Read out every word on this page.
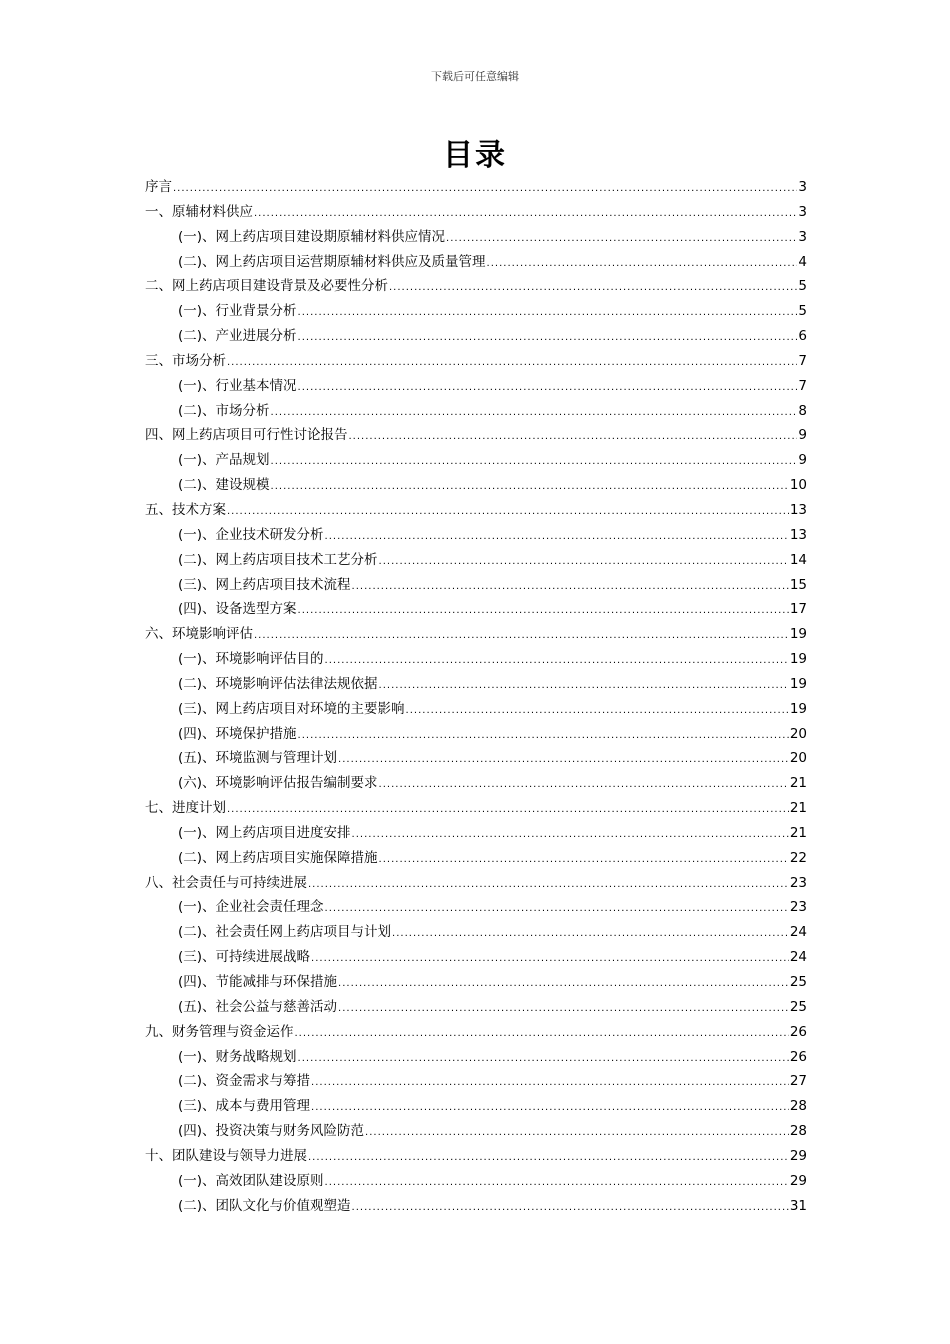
下载后可任意编辑
目录
序言 .....	3
一、原辅材料供应 .....	3
(一)、网上药店项目建设期原辅材料供应情况 .....	3
(二)、网上药店项目运营期原辅材料供应及质量管理 .....	4
二、网上药店项目建设背景及必要性分析 .....	5
(一)、行业背景分析 .....	5
(二)、产业进展分析 .....	6
三、市场分析 .....	7
(一)、行业基本情况 .....	7
(二)、市场分析 .....	8
四、网上药店项目可行性讨论报告 .....	9
(一)、产品规划 .....	9
(二)、建设规模 .....	10
五、技术方案 .....	13
(一)、企业技术研发分析 .....	13
(二)、网上药店项目技术工艺分析 .....	14
(三)、网上药店项目技术流程 .....	15
(四)、设备选型方案 .....	17
六、环境影响评估 .....	19
(一)、环境影响评估目的 .....	19
(二)、环境影响评估法律法规依据 .....	19
(三)、网上药店项目对环境的主要影响 .....	19
(四)、环境保护措施 .....	20
(五)、环境监测与管理计划 .....	20
(六)、环境影响评估报告编制要求 .....	21
七、进度计划 .....	21
(一)、网上药店项目进度安排 .....	21
(二)、网上药店项目实施保障措施 .....	22
八、社会责任与可持续进展 .....	23
(一)、企业社会责任理念 .....	23
(二)、社会责任网上药店项目与计划 .....	24
(三)、可持续进展战略 .....	24
(四)、节能减排与环保措施 .....	25
(五)、社会公益与慈善活动 .....	25
九、财务管理与资金运作 .....	26
(一)、财务战略规划 .....	26
(二)、资金需求与筹措 .....	27
(三)、成本与费用管理 .....	28
(四)、投资决策与财务风险防范 .....	28
十、团队建设与领导力进展 .....	29
(一)、高效团队建设原则 .....	29
(二)、团队文化与价值观塑造 .....	31
